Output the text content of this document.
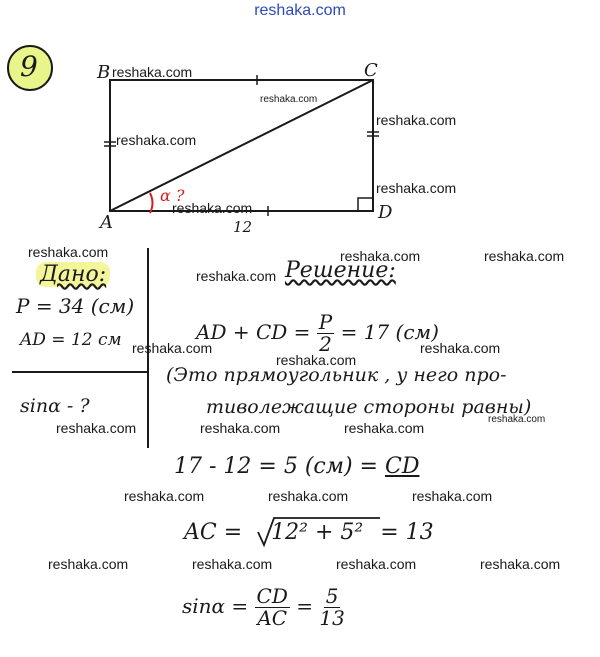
reshaka.com
9	B	C
A	D
12
α ?
Дано:
P = 34 (см)
AD = 12 см
sinα - ?
Решение:
AD + CD = $\frac{P}{2} = 17$ (см)
(Это прямоугольник , у него про-
тиволежащие стороны равны)
17 - 12 = 5 (см) = CD
AC = 12² + 5² = 13
$\sin\alpha = \frac{CD}{AC} = \frac{5}{13}$
reshaka.com
reshaka.com
reshaka.com
reshaka.com
reshaka.com
reshaka.com
reshaka.com	reshaka.com	reshaka.com
reshaka.com
reshaka.com
reshaka.com
reshaka.com
reshaka.com
reshaka.com	reshaka.com	reshaka.com
reshaka.com	reshaka.com	reshaka.com
reshaka.com	reshaka.com	reshaka.com	reshaka.com
